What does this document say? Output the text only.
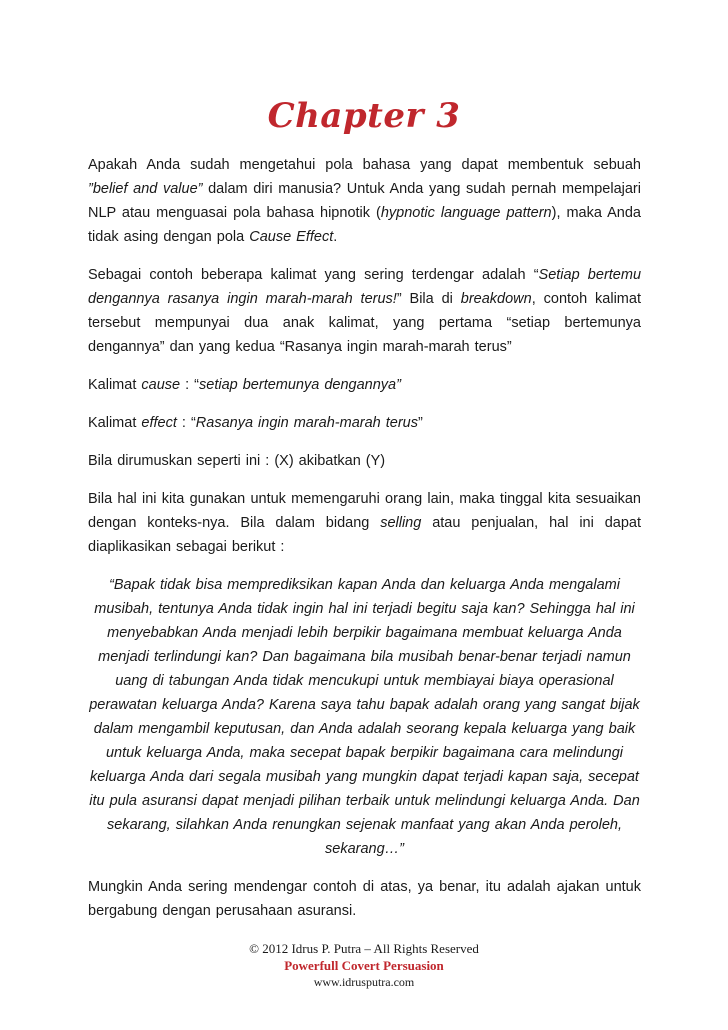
Chapter 3

Apakah Anda sudah mengetahui pola bahasa yang dapat membentuk sebuah ”belief and value” dalam diri manusia? Untuk Anda yang sudah pernah mempelajari NLP atau menguasai pola bahasa hipnotik (hypnotic language pattern), maka Anda tidak asing dengan pola Cause Effect.

Sebagai contoh beberapa kalimat yang sering terdengar adalah “Setiap bertemu dengannya rasanya ingin marah-marah terus!” Bila di breakdown, contoh kalimat tersebut mempunyai dua anak kalimat, yang pertama “setiap bertemunya dengannya” dan yang kedua “Rasanya ingin marah-marah terus”

Kalimat cause : “setiap bertemunya dengannya”

Kalimat effect : “Rasanya ingin marah-marah terus”

Bila dirumuskan seperti ini : (X) akibatkan (Y)

Bila hal ini kita gunakan untuk memengaruhi orang lain, maka tinggal kita sesuaikan dengan konteks-nya. Bila dalam bidang selling atau penjualan, hal ini dapat diaplikasikan sebagai berikut :

“Bapak tidak bisa memprediksikan kapan Anda dan keluarga Anda mengalami musibah, tentunya Anda tidak ingin hal ini terjadi begitu saja kan? Sehingga hal ini menyebabkan Anda menjadi lebih berpikir bagaimana membuat keluarga Anda menjadi terlindungi kan? Dan bagaimana bila musibah benar-benar terjadi namun uang di tabungan Anda tidak mencukupi untuk membiayai biaya operasional perawatan keluarga Anda? Karena saya tahu bapak adalah orang yang sangat bijak dalam mengambil keputusan, dan Anda adalah seorang kepala keluarga yang baik untuk keluarga Anda, maka secepat bapak berpikir bagaimana cara melindungi keluarga Anda dari segala musibah yang mungkin dapat terjadi kapan saja, secepat itu pula asuransi dapat menjadi pilihan terbaik untuk melindungi keluarga Anda. Dan sekarang, silahkan Anda renungkan sejenak manfaat yang akan Anda peroleh, sekarang…”

Mungkin Anda sering mendengar contoh di atas, ya benar, itu adalah ajakan untuk bergabung dengan perusahaan asuransi.

© 2012 Idrus P. Putra – All Rights Reserved
Powerfull Covert Persuasion
www.idrusputra.com
